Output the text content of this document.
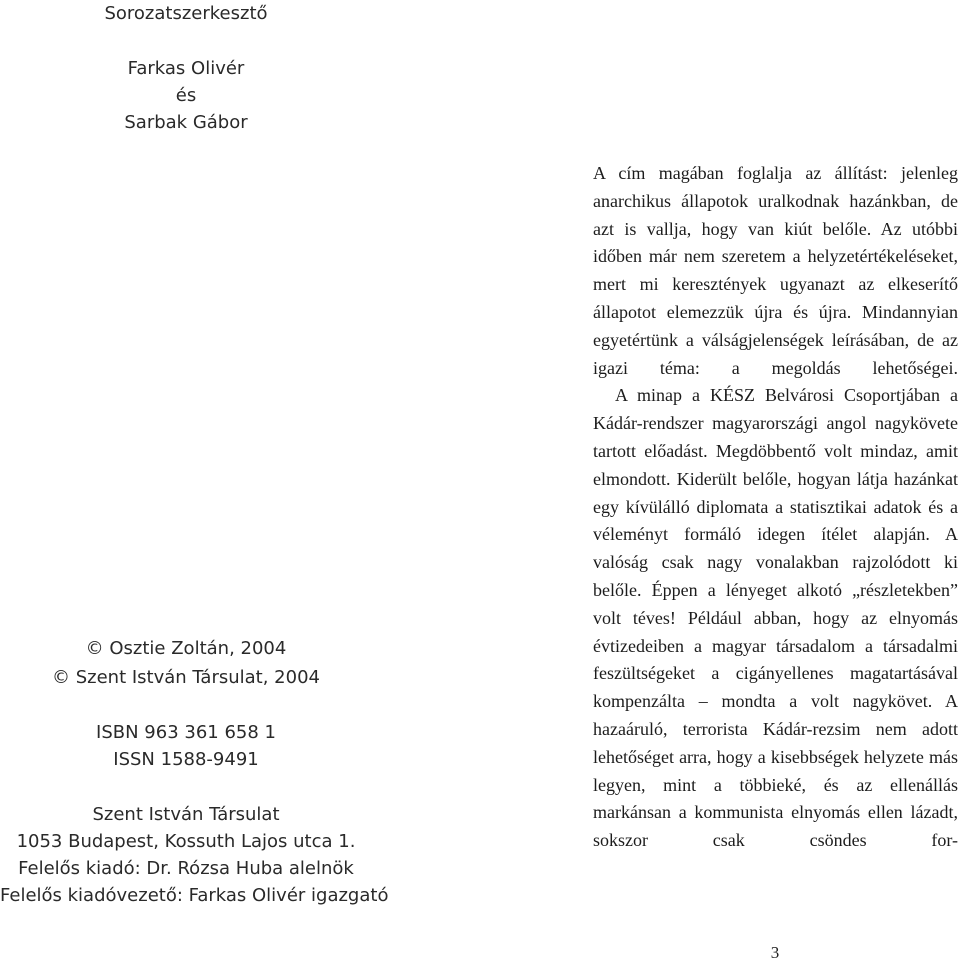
Sorozatszerkesztő
Farkas Olivér
és
Sarbak Gábor
© Osztie Zoltán, 2004
© Szent István Társulat, 2004
ISBN 963 361 658 1
ISSN 1588-9491
Szent István Társulat
1053 Budapest, Kossuth Lajos utca 1.
Felelős kiadó: Dr. Rózsa Huba alelnök
Felelős kiadóvezető: Farkas Olivér igazgató

A cím magában foglalja az állítást: jelenleg anarchikus állapotok uralkodnak hazánkban, de azt is vallja, hogy van kiút belőle. Az utóbbi időben már nem szeretem a helyzetértékeléseket, mert mi keresztények ugyanazt az elkeserítő állapotot elemezzük újra és újra. Mindannyian egyetértünk a válságjelenségek leírásában, de az igazi téma: a megoldás lehetőségei.

A minap a KÉSZ Belvárosi Csoportjában a Kádár-rendszer magyarországi angol nagykövete tartott előadást. Megdöbbentő volt mindaz, amit elmondott. Kiderült belőle, hogyan látja hazánkat egy kívülálló diplomata a statisztikai adatok és a véleményt formáló idegen ítélet alapján. A valóság csak nagy vonalakban rajzolódott ki belőle. Éppen a lényeget alkotó „részletekben” volt téves! Például abban, hogy az elnyomás évtizedeiben a magyar társadalom a társadalmi feszültségeket a cigányellenes magatartásával kompenzálta – mondta a volt nagykövet. A hazaáruló, terrorista Kádár-rezsim nem adott lehetőséget arra, hogy a kisebbségek helyzete más legyen, mint a többieké, és az ellenállás markánsan a kommunista elnyomás ellen lázadt, sokszor csak csöndes for-

3
